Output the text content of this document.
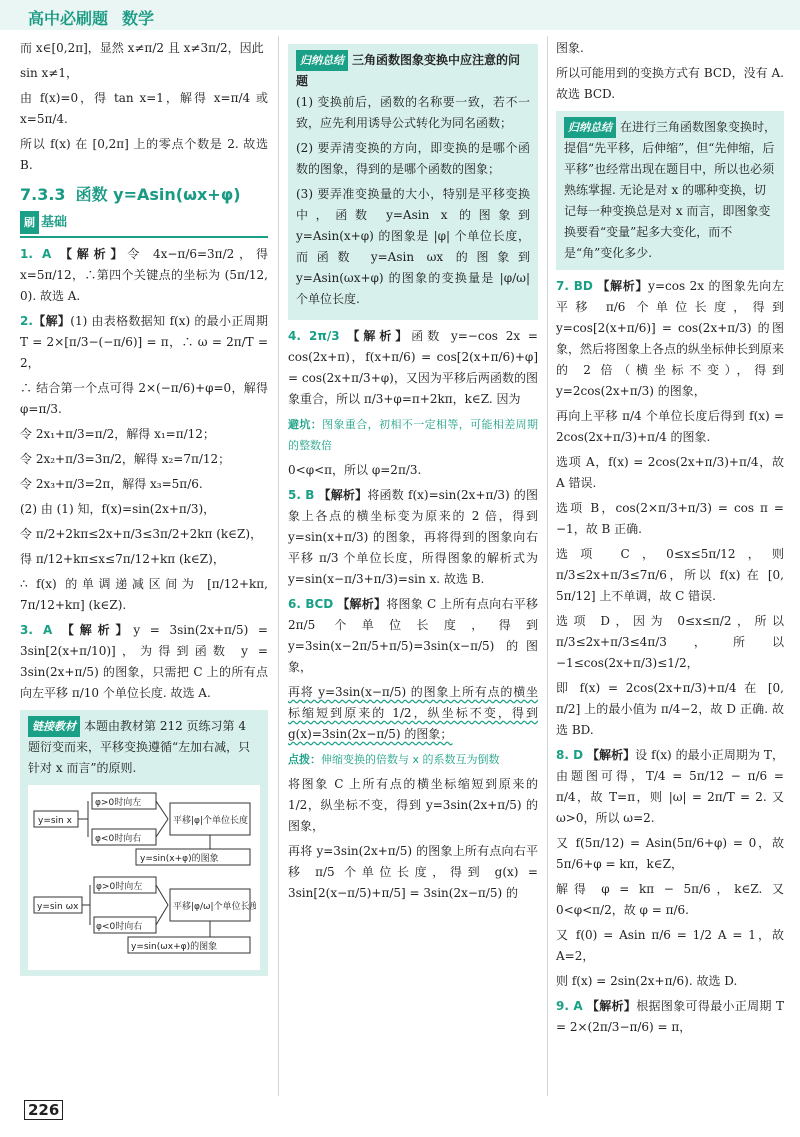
高中必刷题 数学

而 x∈[0,2π]，显然 x≠π/2 且 x≠3π/2，因此

sin x≠1，

由 f(x)=0，得 tan x=1，解得 x=π/4 或 x=5π/4.

所以 f(x) 在 [0,2π] 上的零点个数是 2. 故选 B.

7.3.3 函数 y=Asin(ωx+φ)
刷 基础

1. A 【解析】令 4x−π/6=3π/2，得 x=5π/12，∴第四个关键点的坐标为 (5π/12, 0). 故选 A.

2.【解】(1) 由表格数据知 f(x) 的最小正周期 T = 2×[π/3−(−π/6)] = π，∴ ω = 2π/T = 2，

∴ 结合第一个点可得 2×(−π/6)+φ=0，解得 φ=π/3.

令 2x₁+π/3=π/2，解得 x₁=π/12；

令 2x₂+π/3=3π/2，解得 x₂=7π/12；

令 2x₃+π/3=2π，解得 x₃=5π/6.

(2) 由 (1) 知，f(x)=sin(2x+π/3)，

令 π/2+2kπ≤2x+π/3≤3π/2+2kπ (k∈Z)，

得 π/12+kπ≤x≤7π/12+kπ (k∈Z)，

∴ f(x) 的单调递减区间为 [π/12+kπ, 7π/12+kπ] (k∈Z).

3. A 【解析】y = 3sin(2x+π/5) = 3sin[2(x+π/10)]，为得到函数 y = 3sin(2x+π/5) 的图象，只需把 C 上的所有点向左平移 π/10 个单位长度. 故选 A.

链接教材 本题由教材第 212 页练习第 4 题衍变而来，平移变换遵循“左加右减，只针对 x 而言”的原则.
y=sin x
φ>0时向左
φ<0时向右
平移|φ|个单位长度
y=sin(x+φ)的图象
y=sin ωx
φ>0时向左
φ<0时向右
平移|φ/ω|个单位长度
y=sin(ωx+φ)的图象
归纳总结 三角函数图象变换中应注意的问题

(1) 变换前后，函数的名称要一致，若不一致，应先利用诱导公式转化为同名函数；

(2) 要弄清变换的方向，即变换的是哪个函数的图象，得到的是哪个函数的图象；

(3) 要弄准变换量的大小，特别是平移变换中，函数 y=Asin x 的图象到 y=Asin(x+φ) 的图象是 |φ| 个单位长度，而函数 y=Asin ωx 的图象到 y=Asin(ωx+φ) 的图象的变换量是 |φ/ω| 个单位长度.

4. 2π/3 【解析】函数 y=−cos 2x = cos(2x+π)，f(x+π/6) = cos[2(x+π/6)+φ] = cos(2x+π/3+φ)，又因为平移后两函数的图象重合，所以 π/3+φ=π+2kπ，k∈Z. 因为

避坑：图象重合，初相不一定相等，可能相差周期的整数倍

0<φ<π，所以 φ=2π/3.

5. B 【解析】将函数 f(x)=sin(2x+π/3) 的图象上各点的横坐标变为原来的 2 倍，得到 y=sin(x+π/3) 的图象，再将得到的图象向右平移 π/3 个单位长度，所得图象的解析式为 y=sin(x−π/3+π/3)=sin x. 故选 B.

6. BCD 【解析】将图象 C 上所有点向右平移 2π/5 个单位长度，得到 y=3sin(x−2π/5+π/5)=3sin(x−π/5) 的图象，

再将 y=3sin(x−π/5) 的图象上所有点的横坐标缩短到原来的 1/2，纵坐标不变，得到 g(x)=3sin(2x−π/5) 的图象；

点拨：伸缩变换的倍数与 x 的系数互为倒数

将图象 C 上所有点的横坐标缩短到原来的 1/2，纵坐标不变，得到 y=3sin(2x+π/5) 的图象，

再将 y=3sin(2x+π/5) 的图象上所有点向右平移 π/5 个单位长度，得到 g(x) = 3sin[2(x−π/5)+π/5] = 3sin(2x−π/5) 的

图象.

所以可能用到的变换方式有 BCD，没有 A. 故选 BCD.

归纳总结 在进行三角函数图象变换时，提倡“先平移，后伸缩”，但“先伸缩，后平移”也经常出现在题目中，所以也必须熟练掌握. 无论是对 x 的哪种变换，切记每一种变换总是对 x 而言，即图象变换要看“变量”起多大变化，而不是“角”变化多少.

7. BD 【解析】y=cos 2x 的图象先向左平移 π/6 个单位长度，得到 y=cos[2(x+π/6)] = cos(2x+π/3) 的图象，然后将图象上各点的纵坐标伸长到原来的 2 倍（横坐标不变），得到 y=2cos(2x+π/3) 的图象，

再向上平移 π/4 个单位长度后得到 f(x) = 2cos(2x+π/3)+π/4 的图象.

选项 A，f(x) = 2cos(2x+π/3)+π/4，故 A 错误.

选项 B，cos(2×π/3+π/3) = cos π = −1，故 B 正确.

选项 C，0≤x≤5π/12，则 π/3≤2x+π/3≤7π/6，所以 f(x) 在 [0, 5π/12] 上不单调，故 C 错误.

选项 D，因为 0≤x≤π/2，所以 π/3≤2x+π/3≤4π/3，所以 −1≤cos(2x+π/3)≤1/2，

即 f(x) = 2cos(2x+π/3)+π/4 在 [0, π/2] 上的最小值为 π/4−2，故 D 正确. 故选 BD.

8. D 【解析】设 f(x) 的最小正周期为 T，由题图可得，T/4 = 5π/12 − π/6 = π/4，故 T=π，则 |ω| = 2π/T = 2. 又 ω>0，所以 ω=2.

又 f(5π/12) = Asin(5π/6+φ) = 0，故 5π/6+φ = kπ，k∈Z，

解得 φ = kπ − 5π/6，k∈Z. 又 0<φ<π/2，故 φ = π/6.

又 f(0) = Asin π/6 = 1/2 A = 1，故 A=2，

则 f(x) = 2sin(2x+π/6). 故选 D.

9. A 【解析】根据图象可得最小正周期 T = 2×(2π/3−π/6) = π，

226
